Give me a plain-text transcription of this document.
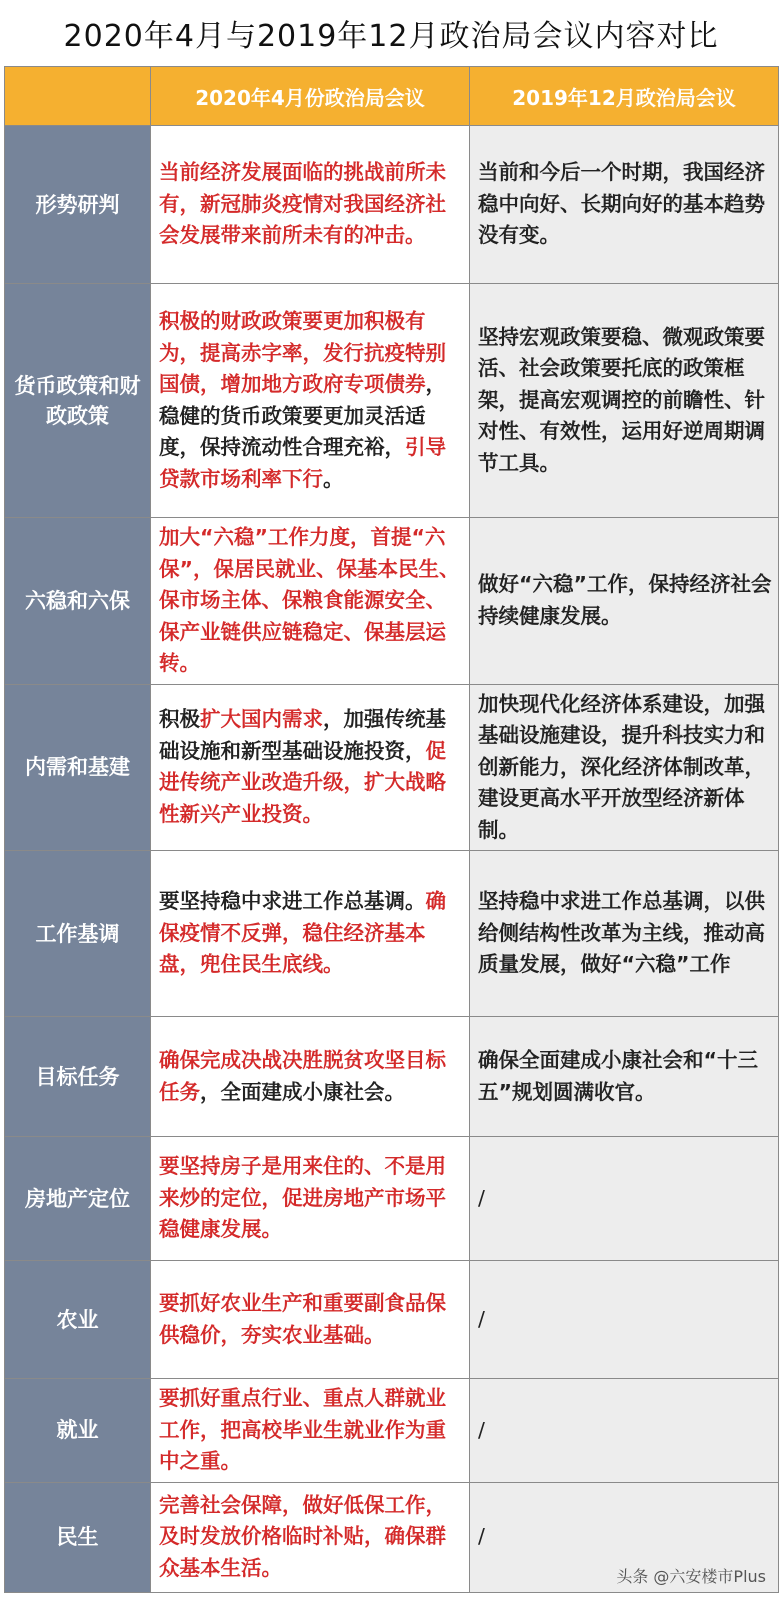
2020年4月与2019年12月政治局会议内容对比
	2020年4月份政治局会议	2019年12月政治局会议
形势研判	当前经济发展面临的挑战前所未有，新冠肺炎疫情对我国经济社会发展带来前所未有的冲击。	当前和今后一个时期，我国经济稳中向好、长期向好的基本趋势没有变。
货币政策和财政政策	积极的财政政策要更加积极有为，提高赤字率，发行抗疫特别国债，增加地方政府专项债券，稳健的货币政策要更加灵活适度，保持流动性合理充裕，引导贷款市场利率下行。	坚持宏观政策要稳、微观政策要活、社会政策要托底的政策框架，提高宏观调控的前瞻性、针对性、有效性，运用好逆周期调节工具。
六稳和六保	加大“六稳”工作力度，首提“六保”，保居民就业、保基本民生、保市场主体、保粮食能源安全、保产业链供应链稳定、保基层运转。	做好“六稳”工作，保持经济社会持续健康发展。
内需和基建	积极扩大国内需求，加强传统基础设施和新型基础设施投资，促进传统产业改造升级，扩大战略性新兴产业投资。	加快现代化经济体系建设，加强基础设施建设，提升科技实力和创新能力，深化经济体制改革，建设更高水平开放型经济新体制。
工作基调	要坚持稳中求进工作总基调。确保疫情不反弹，稳住经济基本盘，兜住民生底线。	坚持稳中求进工作总基调，以供给侧结构性改革为主线，推动高质量发展，做好“六稳”工作
目标任务	确保完成决战决胜脱贫攻坚目标任务，全面建成小康社会。	确保全面建成小康社会和“十三五”规划圆满收官。
房地产定位	要坚持房子是用来住的、不是用来炒的定位，促进房地产市场平稳健康发展。	/
农业	要抓好农业生产和重要副食品保供稳价，夯实农业基础。	/
就业	要抓好重点行业、重点人群就业工作，把高校毕业生就业作为重中之重。	/
民生	完善社会保障，做好低保工作，及时发放价格临时补贴，确保群众基本生活。	/
头条 @六安楼市Plus
